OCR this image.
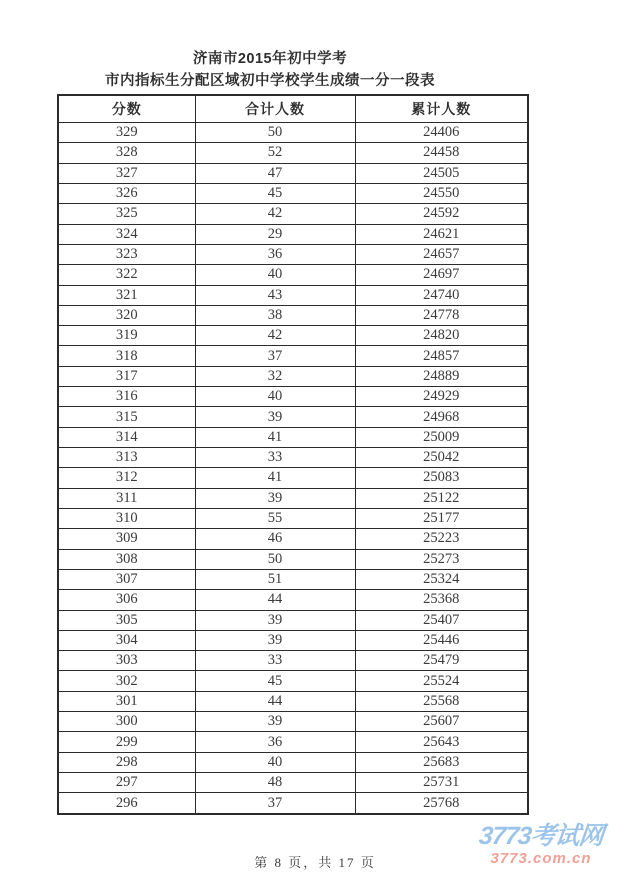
济南市2015年初中学考
市内指标生分配区域初中学校学生成绩一分一段表
分数	合计人数	累计人数
329	50	24406
328	52	24458
327	47	24505
326	45	24550
325	42	24592
324	29	24621
323	36	24657
322	40	24697
321	43	24740
320	38	24778
319	42	24820
318	37	24857
317	32	24889
316	40	24929
315	39	24968
314	41	25009
313	33	25042
312	41	25083
311	39	25122
310	55	25177
309	46	25223
308	50	25273
307	51	25324
306	44	25368
305	39	25407
304	39	25446
303	33	25479
302	45	25524
301	44	25568
300	39	25607
299	36	25643
298	40	25683
297	48	25731
296	37	25768
第 8 页，共 17 页
3773考试网
3773.com.cn
